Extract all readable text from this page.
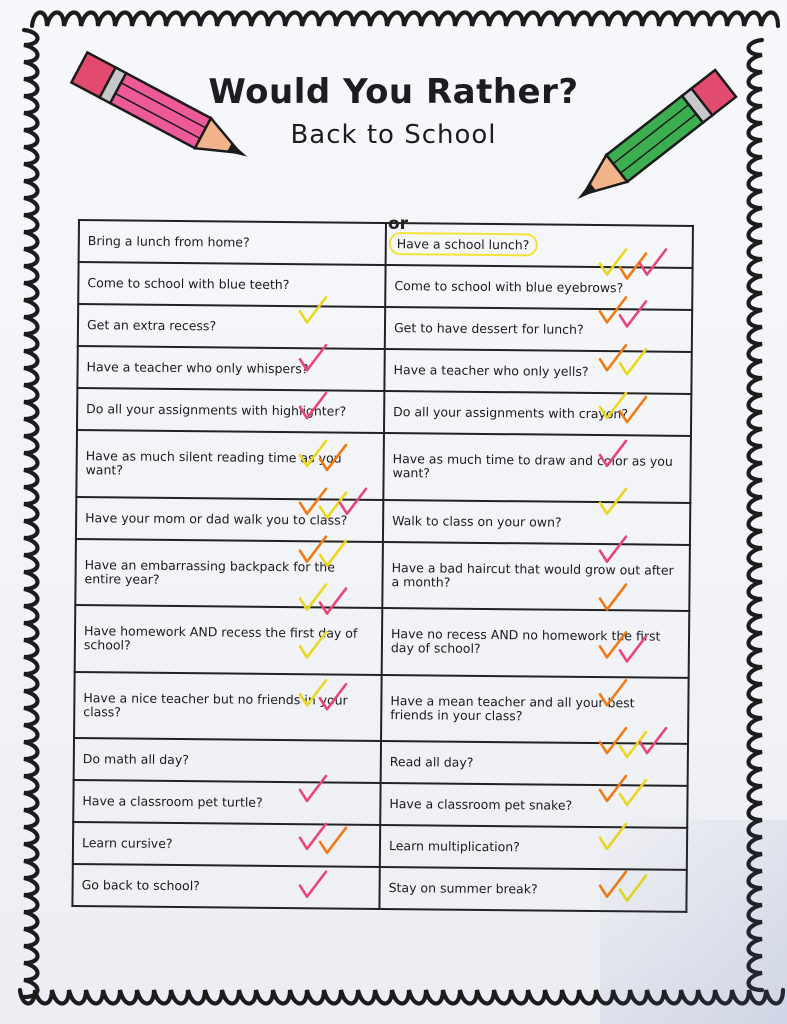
Would You Rather?
Back to School
or
Bring a lunch from home?	Have a school lunch?
Come to school with blue teeth?	Come to school with blue eyebrows?
Get an extra recess?	Get to have dessert for lunch?
Have a teacher who only whispers?	Have a teacher who only yells?
Do all your assignments with highlighter?	Do all your assignments with crayon?
Have as much silent reading time as you want?	Have as much time to draw and color as you want?
Have your mom or dad walk you to class?	Walk to class on your own?
Have an embarrassing backpack for the entire year?	Have a bad haircut that would grow out after a month?
Have homework AND recess the first day of school?	Have no recess AND no homework the first day of school?
Have a nice teacher but no friends in your class?	Have a mean teacher and all your best friends in your class?
Do math all day?	Read all day?
Have a classroom pet turtle?	Have a classroom pet snake?
Learn cursive?	Learn multiplication?
Go back to school?	Stay on summer break?
